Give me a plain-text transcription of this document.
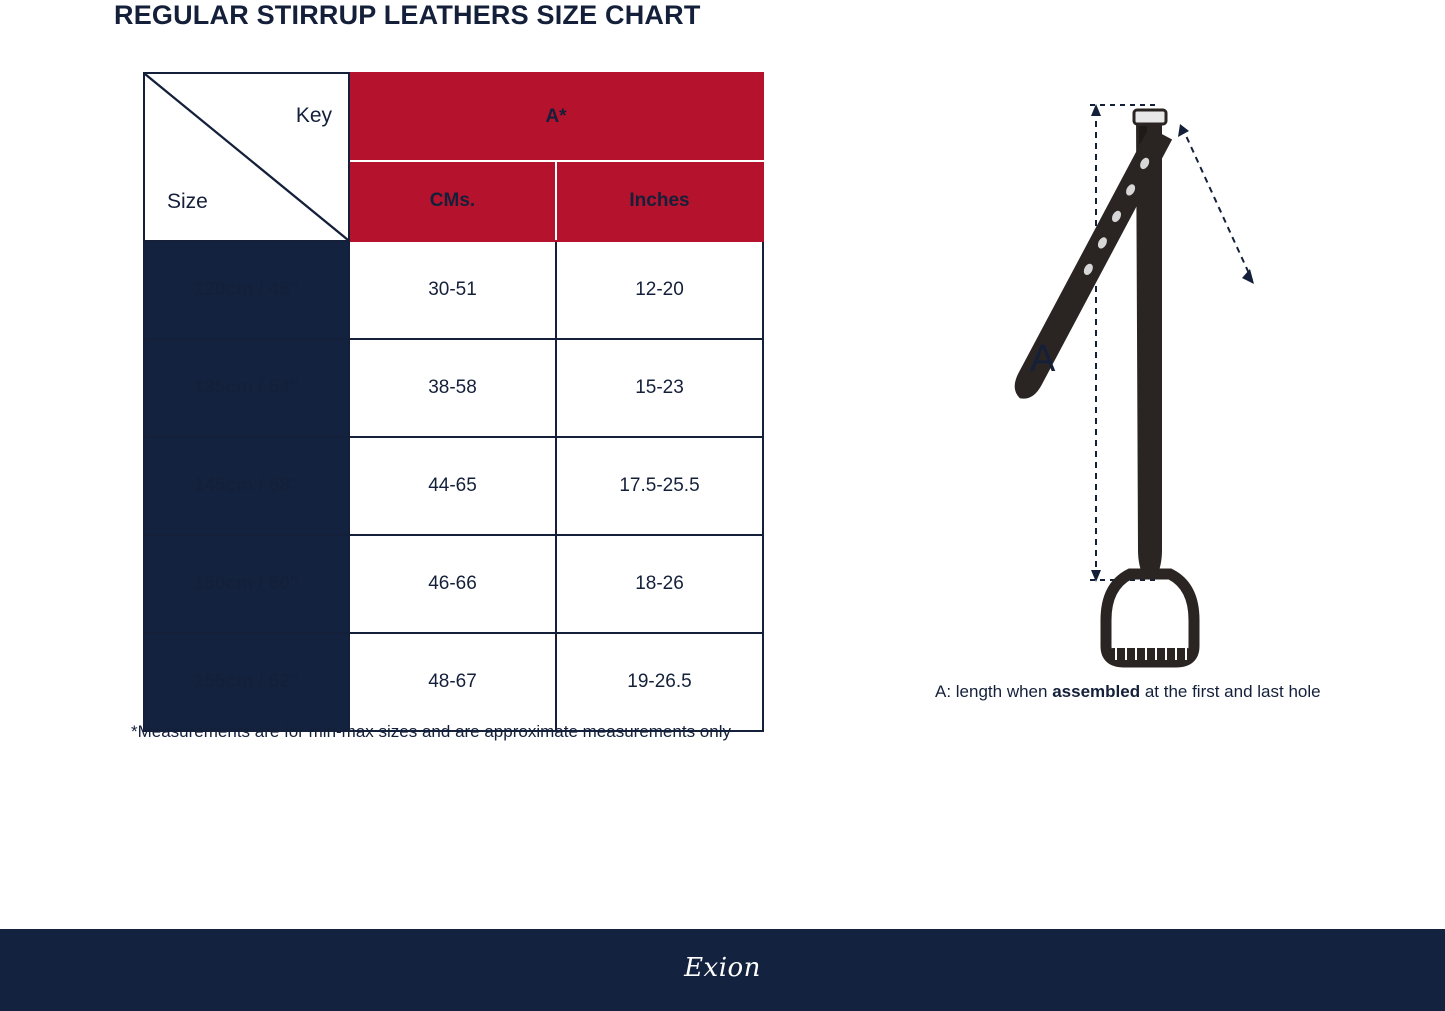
REGULAR STIRRUP LEATHERS SIZE CHART
Key
Size	A*	
	CMs.	Inches
120cm / 48"	30-51	12-20
135cm / 54“	38-58	15-23
145cm / 58"	44-65	17.5-25.5
150cm / 60"	46-66	18-26
155cm / 62"	48-67	19-26.5
*Measurements are for min-max sizes and are approximate measurements only
A
A: length when assembled at the first and last hole
Exion
